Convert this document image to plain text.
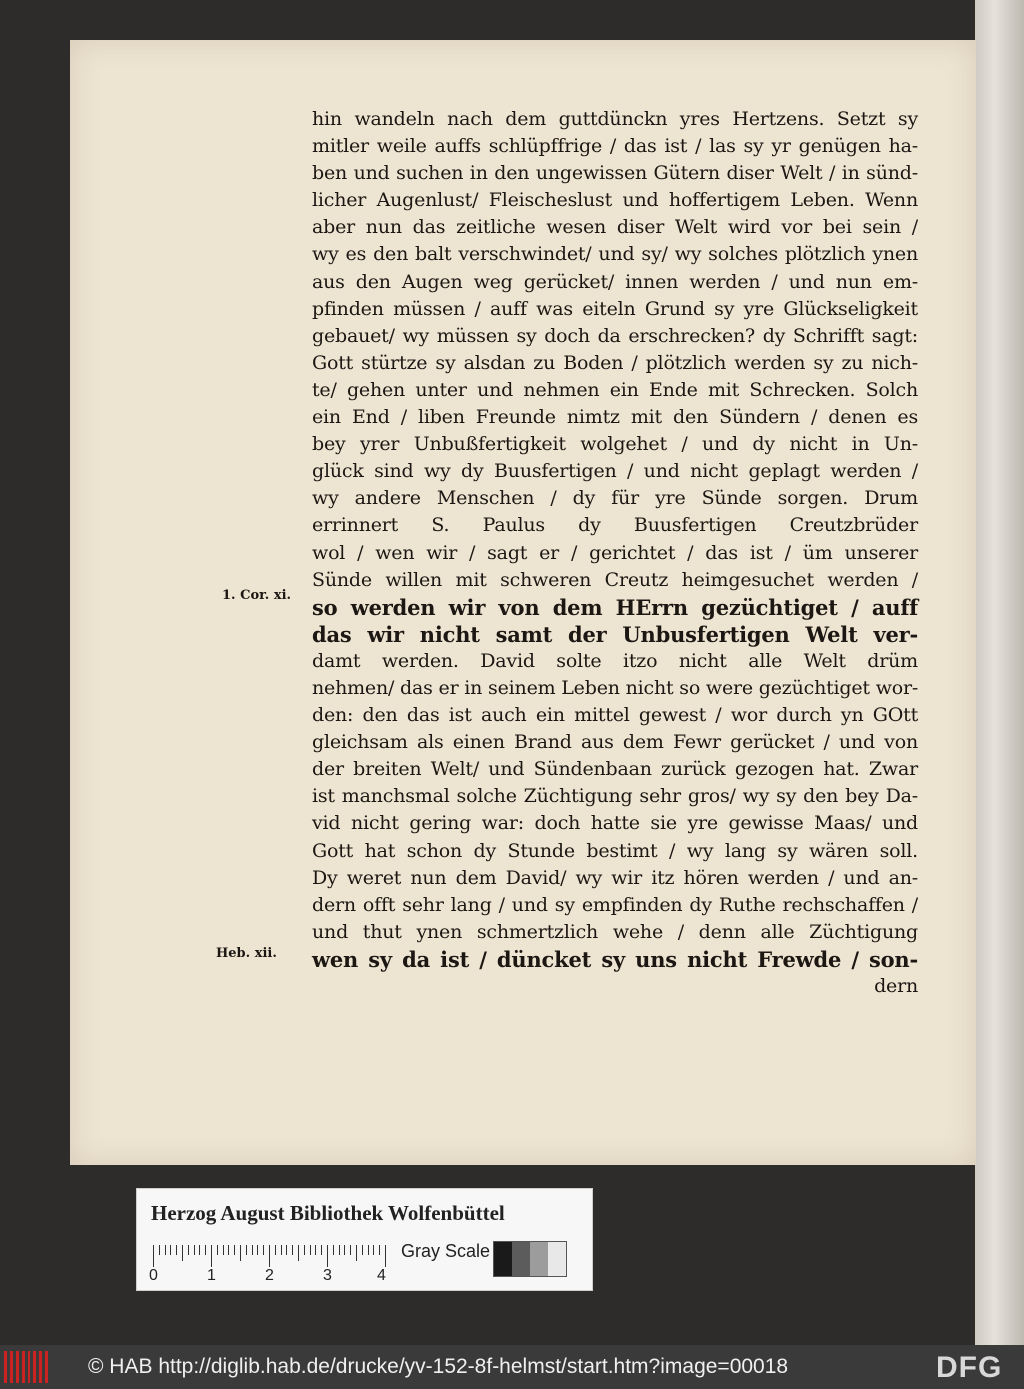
hin wandeln nach dem guttdünckn yres Hertzens. Setzt sy
mitler weile auffs schlüpffrige / das ist / las sy yr genügen ha-
ben und suchen in den ungewissen Gütern diser Welt / in sünd-
licher Augenlust/ Fleischeslust und hoffertigem Leben. Wenn
aber nun das zeitliche wesen diser Welt wird vor bei sein /
wy es den balt verschwindet/ und sy/ wy solches plötzlich ynen
aus den Augen weg gerücket/ innen werden / und nun em-
pfinden müssen / auff was eiteln Grund sy yre Glückseligkeit
gebauet/ wy müssen sy doch da erschrecken? dy Schrifft sagt:
Gott stürtze sy alsdan zu Boden / plötzlich werden sy zu nich-
te/ gehen unter und nehmen ein Ende mit Schrecken. Solch
ein End / liben Freunde nimtz mit den Sündern / denen es
bey yrer Unbußfertigkeit wolgehet / und dy nicht in Un-
glück sind wy dy Buusfertigen / und nicht geplagt werden /
wy andere Menschen / dy für yre Sünde sorgen. Drum
errinnert S. Paulus dy Buusfertigen Creutzbrüder
wol / wen wir / sagt er / gerichtet / das ist / üm unserer
Sünde willen mit schweren Creutz heimgesuchet werden /
so werden wir von dem HErrn gezüchtiget / auff
das wir nicht samt der Unbusfertigen Welt ver-
damt werden. David solte itzo nicht alle Welt drüm
nehmen/ das er in seinem Leben nicht so were gezüchtiget wor-
den: den das ist auch ein mittel gewest / wor durch yn GOtt
gleichsam als einen Brand aus dem Fewr gerücket / und von
der breiten Welt/ und Sündenbaan zurück gezogen hat. Zwar
ist manchsmal solche Züchtigung sehr gros/ wy sy den bey Da-
vid nicht gering war: doch hatte sie yre gewisse Maas/ und
Gott hat schon dy Stunde bestimt / wy lang sy wären soll.
Dy weret nun dem David/ wy wir itz hören werden / und an-
dern offt sehr lang / und sy empfinden dy Ruthe rechschaffen /
und thut ynen schmertzlich wehe / denn alle Züchtigung
wen sy da ist / düncket sy uns nicht Frewde / son-
dern
1. Cor. xi.
Heb. xii.
Herzog August Bibliothek Wolfenbüttel
0	1	2	3	4
Gray Scale
© HAB http://diglib.hab.de/drucke/yv-152-8f-helmst/start.htm?image=00018	DFG
